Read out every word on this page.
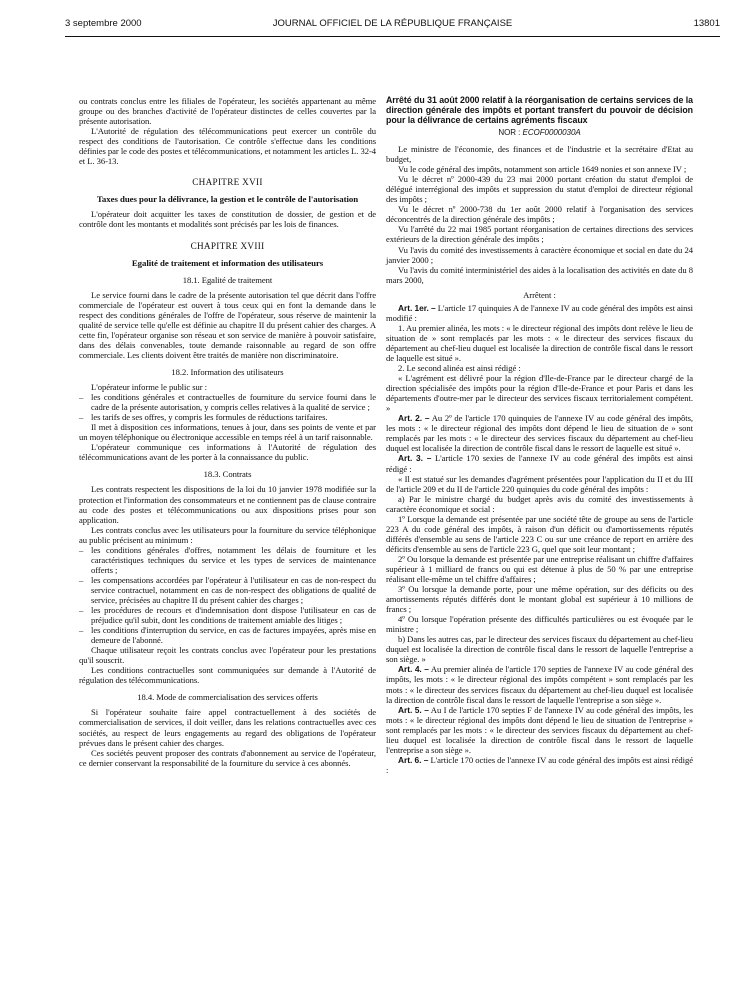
3 septembre 2000	JOURNAL OFFICIEL DE LA RÉPUBLIQUE FRANÇAISE	13801

ou contrats conclus entre les filiales de l'opérateur, les sociétés appartenant au même groupe ou des branches d'activité de l'opérateur distinctes de celles couvertes par la présente autorisation.

L'Autorité de régulation des télécommunications peut exercer un contrôle du respect des conditions de l'autorisation. Ce contrôle s'effectue dans les conditions définies par le code des postes et télécommunications, et notamment les articles L. 32-4 et L. 36-13.

CHAPITRE XVII
Taxes dues pour la délivrance, la gestion et le contrôle de l'autorisation

L'opérateur doit acquitter les taxes de constitution de dossier, de gestion et de contrôle dont les montants et modalités sont précisés par les lois de finances.

CHAPITRE XVIII
Egalité de traitement et information des utilisateurs
18.1. Egalité de traitement

Le service fourni dans le cadre de la présente autorisation tel que décrit dans l'offre commerciale de l'opérateur est ouvert à tous ceux qui en font la demande dans le respect des conditions générales de l'offre de l'opérateur, sous réserve de maintenir la qualité de service telle qu'elle est définie au chapitre II du présent cahier des charges. A cette fin, l'opérateur organise son réseau et son service de manière à pouvoir satisfaire, dans des délais convenables, toute demande raisonnable au regard de son offre commerciale. Les clients doivent être traités de manière non discriminatoire.

18.2. Information des utilisateurs

L'opérateur informe le public sur :

– les conditions générales et contractuelles de fourniture du service fourni dans le cadre de la présente autorisation, y compris celles relatives à la qualité de service ;
– les tarifs de ses offres, y compris les formules de réductions tarifaires.

Il met à disposition ces informations, tenues à jour, dans ses points de vente et par un moyen téléphonique ou électronique accessible en temps réel à un tarif raisonnable.

L'opérateur communique ces informations à l'Autorité de régulation des télécommunications avant de les porter à la connaissance du public.

18.3. Contrats

Les contrats respectent les dispositions de la loi du 10 janvier 1978 modifiée sur la protection et l'information des consommateurs et ne contiennent pas de clause contraire au code des postes et télécommunications ou aux dispositions prises pour son application.

Les contrats conclus avec les utilisateurs pour la fourniture du service téléphonique au public précisent au minimum :

– les conditions générales d'offres, notamment les délais de fourniture et les caractéristiques techniques du service et les types de services de maintenance offerts ;
– les compensations accordées par l'opérateur à l'utilisateur en cas de non-respect du service contractuel, notamment en cas de non-respect des obligations de qualité de service, précisées au chapitre II du présent cahier des charges ;
– les procédures de recours et d'indemnisation dont dispose l'utilisateur en cas de préjudice qu'il subit, dont les conditions de traitement amiable des litiges ;
– les conditions d'interruption du service, en cas de factures impayées, après mise en demeure de l'abonné.

Chaque utilisateur reçoit les contrats conclus avec l'opérateur pour les prestations qu'il souscrit.

Les conditions contractuelles sont communiquées sur demande à l'Autorité de régulation des télécommunications.

18.4. Mode de commercialisation des services offerts

Si l'opérateur souhaite faire appel contractuellement à des sociétés de commercialisation de services, il doit veiller, dans les relations contractuelles avec ces sociétés, au respect de leurs engagements au regard des obligations de l'opérateur prévues dans le présent cahier des charges.

Ces sociétés peuvent proposer des contrats d'abonnement au service de l'opérateur, ce dernier conservant la responsabilité de la fourniture du service à ces abonnés.

Arrêté du 31 août 2000 relatif à la réorganisation de certains services de la direction générale des impôts et portant transfert du pouvoir de décision pour la délivrance de certains agréments fiscaux
NOR : ECOF0000030A

Le ministre de l'économie, des finances et de l'industrie et la secrétaire d'Etat au budget,

Vu le code général des impôts, notamment son article 1649 nonies et son annexe IV ;

Vu le décret nº 2000-439 du 23 mai 2000 portant création du statut d'emploi de délégué interrégional des impôts et suppression du statut d'emploi de directeur régional des impôts ;

Vu le décret nº 2000-738 du 1er août 2000 relatif à l'organisation des services déconcentrés de la direction générale des impôts ;

Vu l'arrêté du 22 mai 1985 portant réorganisation de certaines directions des services extérieurs de la direction générale des impôts ;

Vu l'avis du comité des investissements à caractère économique et social en date du 24 janvier 2000 ;

Vu l'avis du comité interministériel des aides à la localisation des activités en date du 8 mars 2000,

Arrêtent :

Art. 1er. – L'article 17 quinquies A de l'annexe IV au code général des impôts est ainsi modifié :

1. Au premier alinéa, les mots : « le directeur régional des impôts dont relève le lieu de situation de » sont remplacés par les mots : « le directeur des services fiscaux du département au chef-lieu duquel est localisée la direction de contrôle fiscal dans le ressort de laquelle est situé ».

2. Le second alinéa est ainsi rédigé :

« L'agrément est délivré pour la région d'Ile-de-France par le directeur chargé de la direction spécialisée des impôts pour la région d'Ile-de-France et pour Paris et dans les départements d'outre-mer par le directeur des services fiscaux territorialement compétent. »

Art. 2. – Au 2º de l'article 170 quinquies de l'annexe IV au code général des impôts, les mots : « le directeur régional des impôts dont dépend le lieu de situation de » sont remplacés par les mots : « le directeur des services fiscaux du département au chef-lieu duquel est localisée la direction de contrôle fiscal dans le ressort de laquelle est situé ».

Art. 3. – L'article 170 sexies de l'annexe IV au code général des impôts est ainsi rédigé :

« Il est statué sur les demandes d'agrément présentées pour l'application du II et du III de l'article 209 et du II de l'article 220 quinquies du code général des impôts :

a) Par le ministre chargé du budget après avis du comité des investissements à caractère économique et social :

1º Lorsque la demande est présentée par une société tête de groupe au sens de l'article 223 A du code général des impôts, à raison d'un déficit ou d'amortissements réputés différés d'ensemble au sens de l'article 223 C ou sur une créance de report en arrière des déficits d'ensemble au sens de l'article 223 G, quel que soit leur montant ;

2º Ou lorsque la demande est présentée par une entreprise réalisant un chiffre d'affaires supérieur à 1 milliard de francs ou qui est détenue à plus de 50 % par une entreprise réalisant elle-même un tel chiffre d'affaires ;

3º Ou lorsque la demande porte, pour une même opération, sur des déficits ou des amortissements réputés différés dont le montant global est supérieur à 10 millions de francs ;

4º Ou lorsque l'opération présente des difficultés particulières ou est évoquée par le ministre ;

b) Dans les autres cas, par le directeur des services fiscaux du département au chef-lieu duquel est localisée la direction de contrôle fiscal dans le ressort de laquelle l'entreprise a son siège. »

Art. 4. – Au premier alinéa de l'article 170 septies de l'annexe IV au code général des impôts, les mots : « le directeur régional des impôts compétent » sont remplacés par les mots : « le directeur des services fiscaux du département au chef-lieu duquel est localisée la direction de contrôle fiscal dans le ressort de laquelle l'entreprise a son siège ».

Art. 5. – Au I de l'article 170 septies F de l'annexe IV au code général des impôts, les mots : « le directeur régional des impôts dont dépend le lieu de situation de l'entreprise » sont remplacés par les mots : « le directeur des services fiscaux du département au chef-lieu duquel est localisée la direction de contrôle fiscal dans le ressort de laquelle l'entreprise a son siège ».

Art. 6. – L'article 170 octies de l'annexe IV au code général des impôts est ainsi rédigé :
